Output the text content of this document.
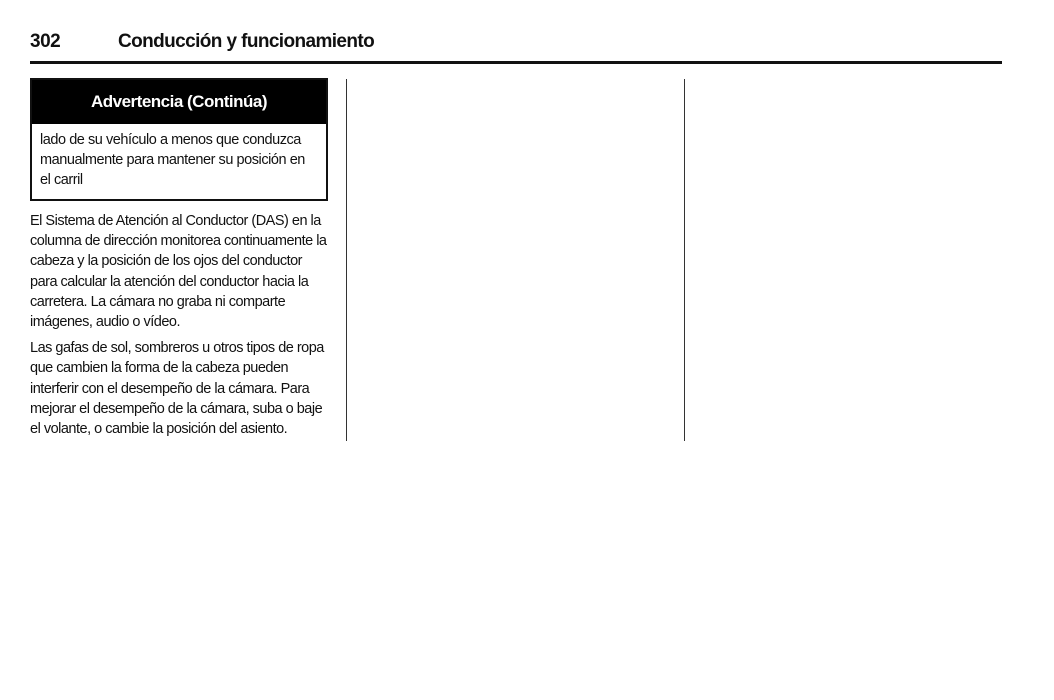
302	Conducción y funcionamiento
Advertencia (Continúa)
lado de su vehículo a menos que conduzca manualmente para mantener su posición en el carril

El Sistema de Atención al Conductor (DAS) en la columna de dirección monitorea continuamente la cabeza y la posición de los ojos del conductor para calcular la atención del conductor hacia la carretera. La cámara no graba ni comparte imágenes, audio o vídeo.

Las gafas de sol, sombreros u otros tipos de ropa que cambien la forma de la cabeza pueden interferir con el desempeño de la cámara. Para mejorar el desempeño de la cámara, suba o baje el volante, o cambie la posición del asiento.
